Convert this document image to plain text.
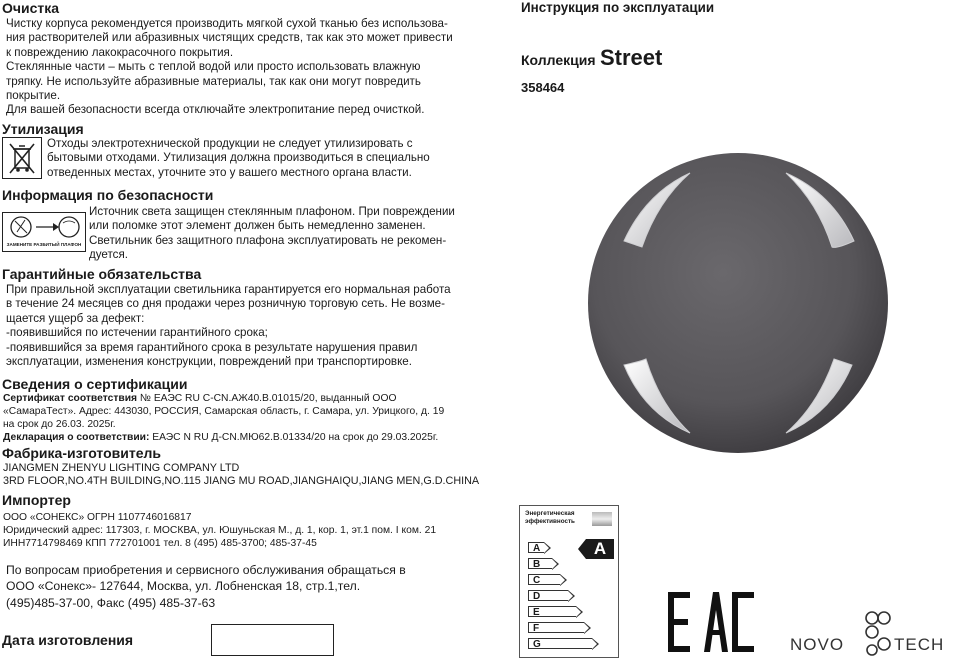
Очистка
Чистку корпуса рекомендуется производить мягкой сухой тканью без использова-
ния растворителей или абразивных чистящих средств, так как это может привести
к повреждению лакокрасочного покрытия.
Стеклянные части – мыть с теплой водой или просто использовать влажную
тряпку. Не используйте абразивные материалы, так как они могут повредить
покрытие.
Для вашей безопасности всегда отключайте электропитание перед очисткой.
Утилизация
Отходы электротехнической продукции не следует утилизировать с
бытовыми отходами. Утилизация должна производиться в специально
отведенных местах, уточните это у вашего местного органа власти.
Информация по безопасности
ЗАМЕНИТЕ РАЗБИТЫЙ ПЛАФОН
Источник света защищен стеклянным плафоном. При повреждении
или поломке этот элемент должен быть немедленно заменен.
Светильник без защитного плафона эксплуатировать не рекомен-
дуется.
Гарантийные обязательства
При правильной эксплуатации светильника гарантируется его нормальная работа
в течение 24 месяцев со дня продажи через розничную торговую сеть. Не возме-
щается ущерб за дефект:
-появившийся по истечении гарантийного срока;
-появившийся за время гарантийного срока в результате нарушения правил
эксплуатации, изменения конструкции, повреждений при транспортировке.
Сведения о сертификации
Сертификат соответствия № ЕАЭС RU C-CN.АЖ40.В.01015/20, выданный ООО
«СамараТест». Адрес: 443030, РОССИЯ, Самарская область, г. Самара, ул. Урицкого, д. 19
на срок до 26.03. 2025г.
Декларация о соответствии: ЕАЭС N RU Д-CN.МЮ62.В.01334/20 на срок до 29.03.2025г.
Фабрика-изготовитель
JIANGMEN ZHENYU LIGHTING COMPANY LTD
3RD FLOOR,NO.4TH BUILDING,NO.115 JIANG MU ROAD,JIANGHAIQU,JIANG MEN,G.D.CHINA
Импортер
ООО «СОНЕКС» ОГРН 1107746016817
Юридический адрес: 117303, г. МОСКВА, ул. Юшуньская М., д. 1, кор. 1, эт.1 пом. I ком. 21
ИНН7714798469 КПП 772701001 тел. 8 (495) 485-3700; 485-37-45
По вопросам приобретения и сервисного обслуживания обращаться в
ООО «Сонекс»- 127644, Москва, ул. Лобненская 18, стр.1,тел.
(495)485-37-00, Факс (495) 485-37-63
Дата изготовления
Инструкция по эксплуатации
Коллекция Street
358464
Энергетическая
эффективность
A
B
C
D
E
F
G
A
NOVO	TECH
